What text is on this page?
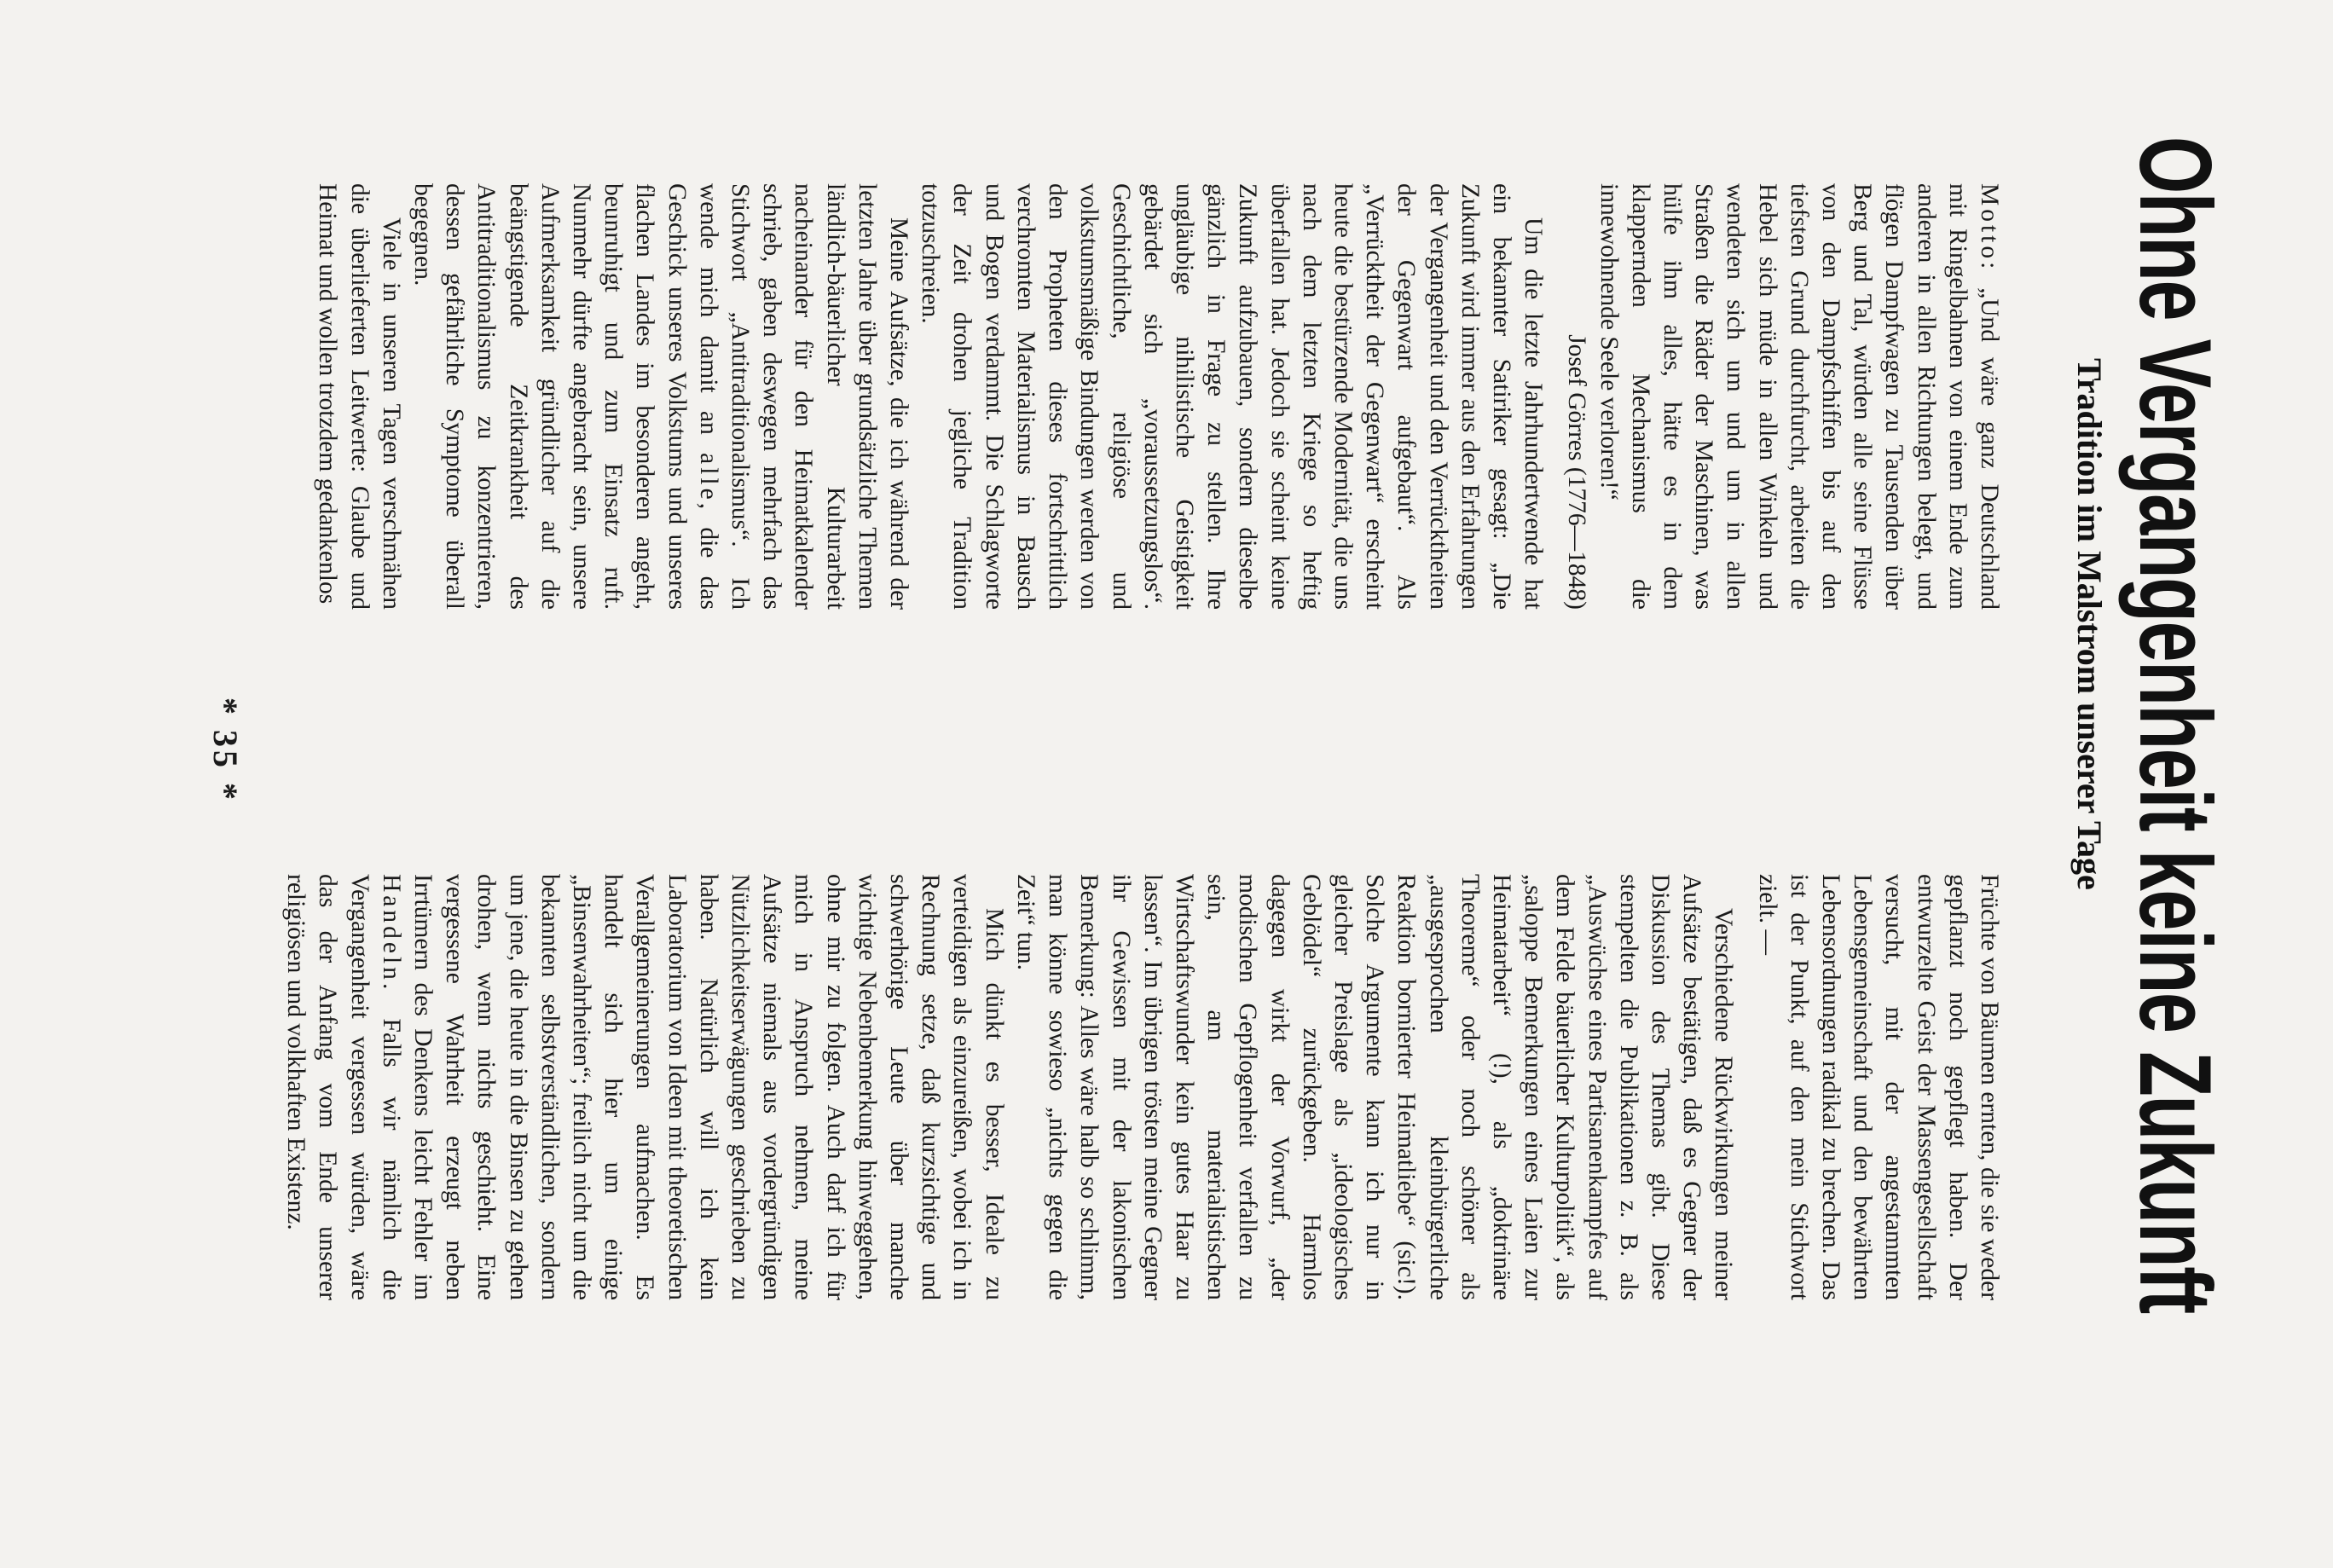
Ohne Vergangenheit keine Zukunft
Tradition im Malstrom unserer Tage

Motto: „Und wäre ganz Deutschland mit Ringelbahnen von einem Ende zum anderen in allen Richtungen belegt, und flögen Dampfwagen zu Tausenden über Berg und Tal, würden alle seine Flüsse von den Dampfschiffen bis auf den tiefsten Grund durchfurcht, arbeiten die Hebel sich müde in allen Winkeln und wendeten sich um und um in allen Straßen die Räder der Maschinen, was hülfe ihm alles, hätte es in dem klappernden Mechanismus die innewohnende Seele verloren!“
Josef Görres (1776—1848)

Um die letzte Jahrhundertwende hat ein bekannter Satiriker gesagt: „Die Zukunft wird immer aus den Erfahrungen der Vergangenheit und den Verrücktheiten der Gegenwart aufgebaut“. Als „Verrücktheit der Gegenwart“ erscheint heute die bestürzende Modernität, die uns nach dem letzten Kriege so heftig überfallen hat. Jedoch sie scheint keine Zukunft aufzubauen, sondern dieselbe gänzlich in Frage zu stellen. Ihre ungläubige nihilistische Geistigkeit gebärdet sich „voraussetzungslos“. Geschichtliche, religiöse und volkstumsmäßige Bindungen werden von den Propheten dieses fortschrittlich verchromten Materialismus in Bausch und Bogen verdammt. Die Schlagworte der Zeit drohen jegliche Tradition totzuschreien.

Meine Aufsätze, die ich während der letzten Jahre über grundsätzliche Themen ländlich-bäuerlicher Kulturarbeit nacheinander für den Heimatkalender schrieb, gaben deswegen mehrfach das Stichwort „Antitraditionalismus“. Ich wende mich damit an alle, die das Geschick unseres Volkstums und unseres flachen Landes im besonderen angeht, beunruhigt und zum Einsatz ruft. Nunmehr dürfte angebracht sein, unsere Aufmerksamkeit gründlicher auf die beängstigende Zeitkrankheit des Antitraditionalismus zu konzentrieren, dessen gefährliche Symptome überall begegnen.

Viele in unseren Tagen verschmähen die überlieferten Leitwerte: Glaube und Heimat und wollen trotzdem gedankenlos

Früchte von Bäumen ernten, die sie weder gepflanzt noch gepflegt haben. Der entwurzelte Geist der Massengesellschaft versucht, mit der angestammten Lebensgemeinschaft und den bewährten Lebensordnungen radikal zu brechen. Das ist der Punkt, auf den mein Stichwort zielt. —

Verschiedene Rückwirkungen meiner Aufsätze bestätigen, daß es Gegner der Diskussion des Themas gibt. Diese stempelten die Publikationen z. B. als „Auswüchse eines Partisanenkampfes auf dem Felde bäuerlicher Kulturpolitik“, als „saloppe Bemerkungen eines Laien zur Heimatarbeit“ (!), als „doktrinäre Theoreme“ oder noch schöner als „ausgesprochen kleinbürgerliche Reaktion bornierter Heimatliebe“ (sic!). Solche Argumente kann ich nur in gleicher Preislage als „ideologisches Geblödel“ zurückgeben. Harmlos dagegen wirkt der Vorwurf, „der modischen Gepflogenheit verfallen zu sein, am materialistischen Wirtschaftswunder kein gutes Haar zu lassen“. Im übrigen trösten meine Gegner ihr Gewissen mit der lakonischen Bemerkung: Alles wäre halb so schlimm, man könne sowieso „nichts gegen die Zeit“ tun.

Mich dünkt es besser, Ideale zu verteidigen als einzureißen, wobei ich in Rechnung setze, daß kurzsichtige und schwerhörige Leute über manche wichtige Nebenbemerkung hinweggehen, ohne mir zu folgen. Auch darf ich für mich in Anspruch nehmen, meine Aufsätze niemals aus vordergründigen Nützlichkeitserwägungen geschrieben zu haben. Natürlich will ich kein Laboratorium von Ideen mit theoretischen Verallgemeinerungen aufmachen. Es handelt sich hier um einige „Binsenwahrheiten“; freilich nicht um die bekannten selbstverständlichen, sondern um jene, die heute in die Binsen zu gehen drohen, wenn nichts geschieht. Eine vergessene Wahrheit erzeugt neben Irrtümern des Denkens leicht Fehler im Handeln. Falls wir nämlich die Vergangenheit vergessen würden, wäre das der Anfang vom Ende unserer religiösen und volkhaften Existenz.

* 35 *
